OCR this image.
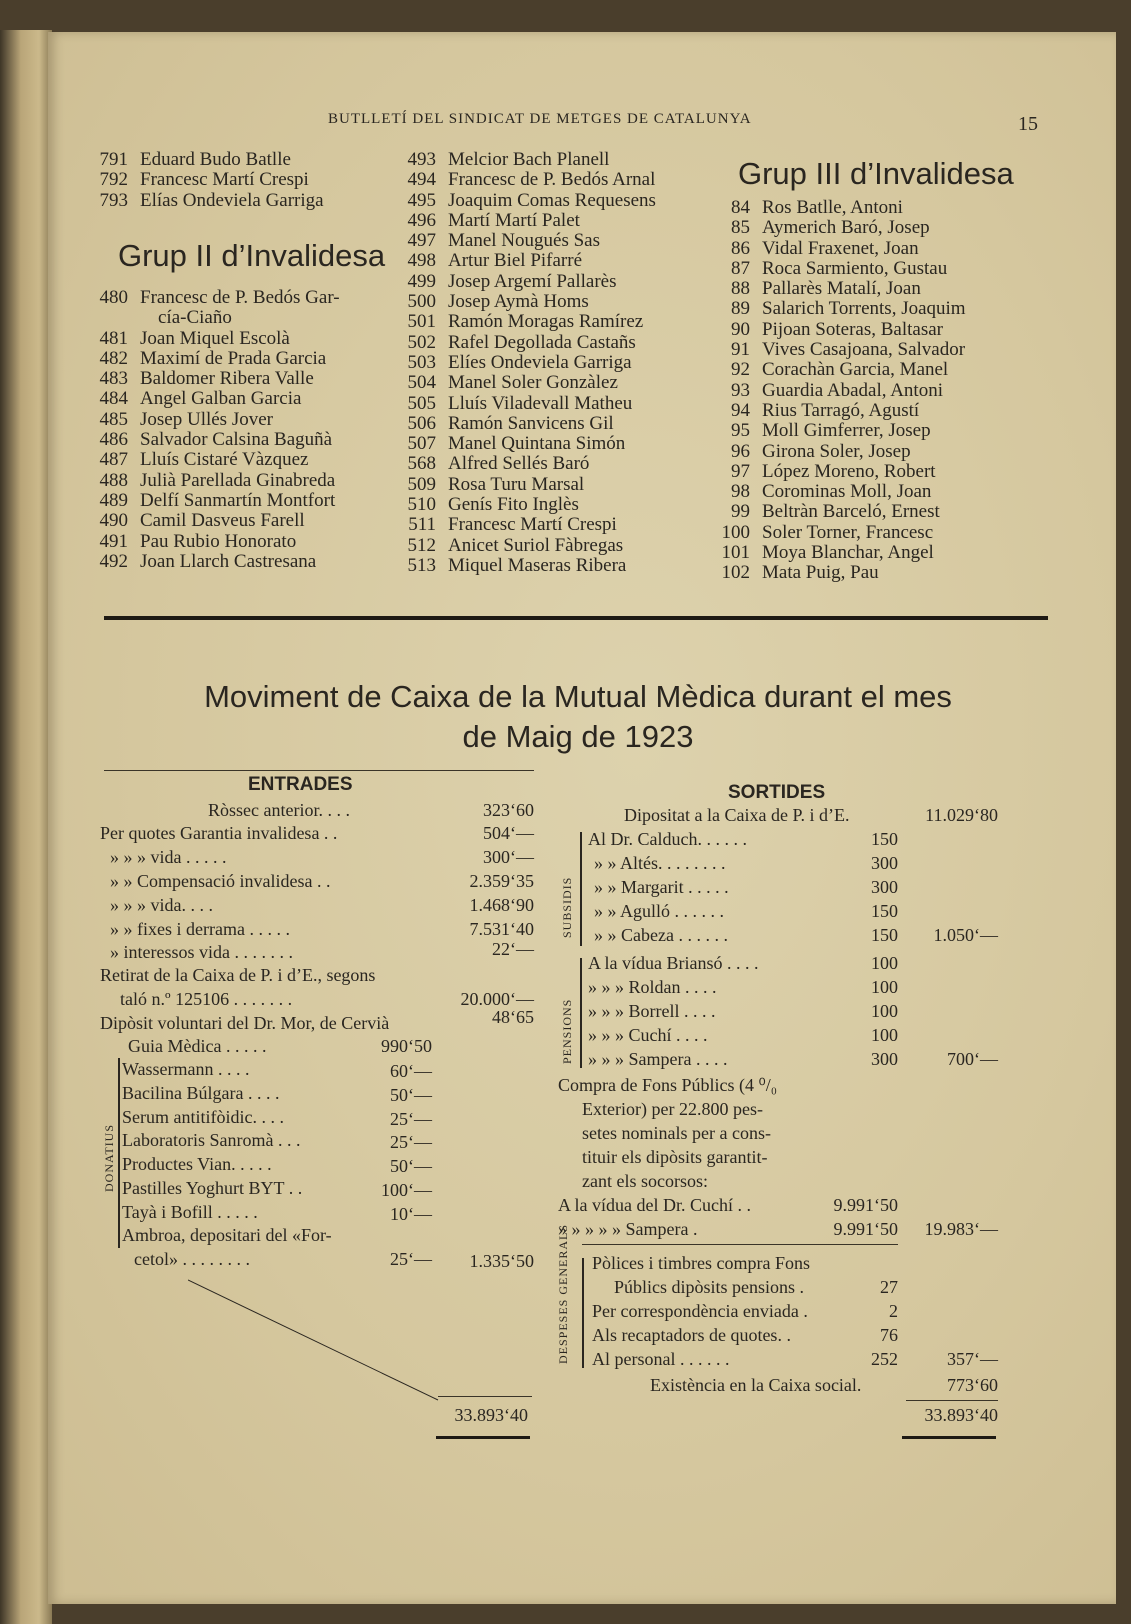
BUTLLETÍ DEL SINDICAT DE METGES DE CATALUNYA	15
791 Eduard Budo Batlle
792 Francesc Martí Crespi
793 Elías Ondeviela Garriga
Grup II d’Invalidesa
480 Francesc de P. Bedós Gar-
cía-Ciaño
481 Joan Miquel Escolà
482 Maximí de Prada Garcia
483 Baldomer Ribera Valle
484 Angel Galban Garcia
485 Josep Ullés Jover
486 Salvador Calsina Baguñà
487 Lluís Cistaré Vàzquez
488 Julià Parellada Ginabreda
489 Delfí Sanmartín Montfort
490 Camil Dasveus Farell
491 Pau Rubio Honorato
492 Joan Llarch Castresana
493 Melcior Bach Planell
494 Francesc de P. Bedós Arnal
495 Joaquim Comas Requesens
496 Martí Martí Palet
497 Manel Nougués Sas
498 Artur Biel Pifarré
499 Josep Argemí Pallarès
500 Josep Aymà Homs
501 Ramón Moragas Ramírez
502 Rafel Degollada Castañs
503 Elíes Ondeviela Garriga
504 Manel Soler Gonzàlez
505 Lluís Viladevall Matheu
506 Ramón Sanvicens Gil
507 Manel Quintana Simón
568 Alfred Sellés Baró
509 Rosa Turu Marsal
510 Genís Fito Inglès
511 Francesc Martí Crespi
512 Anicet Suriol Fàbregas
513 Miquel Maseras Ribera
Grup III d’Invalidesa
84 Ros Batlle, Antoni
85 Aymerich Baró, Josep
86 Vidal Fraxenet, Joan
87 Roca Sarmiento, Gustau
88 Pallarès Matalí, Joan
89 Salarich Torrents, Joaquim
90 Pijoan Soteras, Baltasar
91 Vives Casajoana, Salvador
92 Corachàn Garcia, Manel
93 Guardia Abadal, Antoni
94 Rius Tarragó, Agustí
95 Moll Gimferrer, Josep
96 Girona Soler, Josep
97 López Moreno, Robert
98 Corominas Moll, Joan
99 Beltràn Barceló, Ernest
100 Soler Torner, Francesc
101 Moya Blanchar, Angel
102 Mata Puig, Pau
Moviment de Caixa de la Mutual Mèdica durant el mes
de Maig de 1923
ENTRADES
Ròssec anterior. . . .	323‘60
Per quotes Garantia invalidesa . .	504‘—
» » » vida . . . . .	300‘—
» » Compensació invalidesa . .	2.359‘35
» » » vida. . . .	1.468‘90
» » fixes i derrama . . . . .	7.531‘40
» interessos vida . . . . . . .	22‘—
Retirat de la Caixa de P. i d’E., segons
taló n.º 125106 . . . . . . .	20.000‘—
Dipòsit voluntari del Dr. Mor, de Cervià	48‘65
DONATIUS
Guia Mèdica . . . . .	990‘50
Wassermann . . . .	60‘—
Bacilina Búlgara . . . .	50‘—
Serum antitifòidic. . . .	25‘—
Laboratoris Sanromà . . .	25‘—
Productes Vian. . . . .	50‘—
Pastilles Yoghurt BYT . .	100‘—
Tayà i Bofill . . . . .	10‘—
Ambroa, depositari del «For-
cetol» . . . . . . . .	25‘—	1.335‘50
33.893‘40
SORTIDES
Dipositat a la Caixa de P. i d’E.	11.029‘80
SUBSIDIS
Al Dr. Calduch. . . . . .	150
» » Altés. . . . . . . .	300
» » Margarit . . . . .	300
» » Agulló . . . . . .	150
» » Cabeza . . . . . .	150	1.050‘—
PENSIONS
A la vídua Briansó . . . .	100
» » » Roldan . . . .	100
» » » Borrell . . . .	100
» » » Cuchí . . . .	100
» » » Sampera . . . .	300	700‘—
Compra de Fons Públics (4 ⁰/₀
Exterior) per 22.800 pes-
setes nominals per a cons-
tituir els dipòsits garantit-
zant els socorsos:
A la vídua del Dr. Cuchí . .	9.991‘50
» » » » » Sampera .	9.991‘50	19.983‘—
DESPESES GENERALS Pòlices i timbres compra Fons
Públics dipòsits pensions .	27
Per correspondència enviada .	2
Als recaptadors de quotes. .	76
Al personal . . . . . .	252	357‘—
Existència en la Caixa social.	773‘60
33.893‘40
